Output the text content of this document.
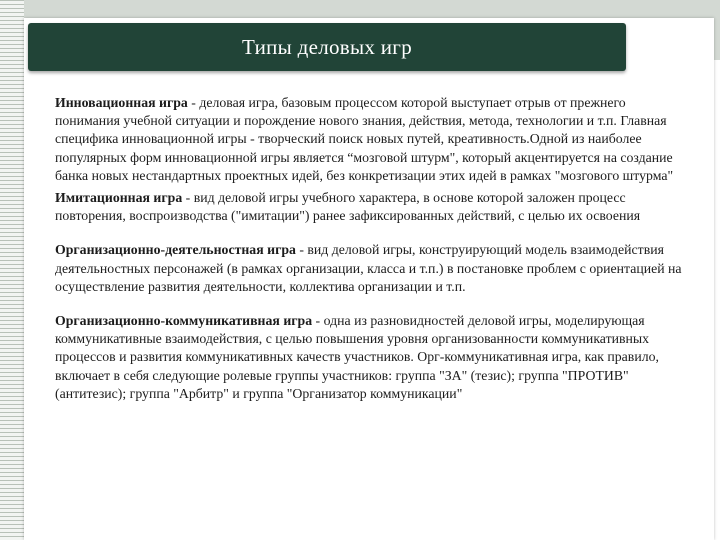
Типы деловых игр

Инновационная игра - деловая игра, базовым процессом которой выступает отрыв от прежнего понимания учебной ситуации и порождение нового знания, действия, метода, технологии и т.п. Главная специфика инновационной игры - творческий поиск новых путей, креативность.Одной из наиболее популярных форм инновационной игры является “мозговой штурм", который акцентируется на создание банка новых нестандартных проектных идей, без конкретизации этих идей в рамках "мозгового штурма"

Имитационная игра - вид деловой игры учебного характера, в основе которой заложен процесс повторения, воспроизводства ("имитации") ранее зафиксированных действий, с целью их освоения

Организационно-деятельностная игра - вид деловой игры, конструирующий модель взаимодействия деятельностных персонажей (в рамках организации, класса и т.п.) в постановке проблем с ориентацией на осуществление развития деятельности, коллектива организации и т.п.

Организационно-коммуникативная игра - одна из разновидностей деловой игры, моделирующая коммуникативные взаимодействия, с целью повышения уровня организованности коммуникативных процессов и развития коммуникативных качеств участников. Орг-коммуникативная игра, как правило, включает в себя следующие ролевые группы участников: группа "ЗА" (тезис); группа "ПРОТИВ" (антитезис); группа "Арбитр" и группа "Организатор коммуникации"
